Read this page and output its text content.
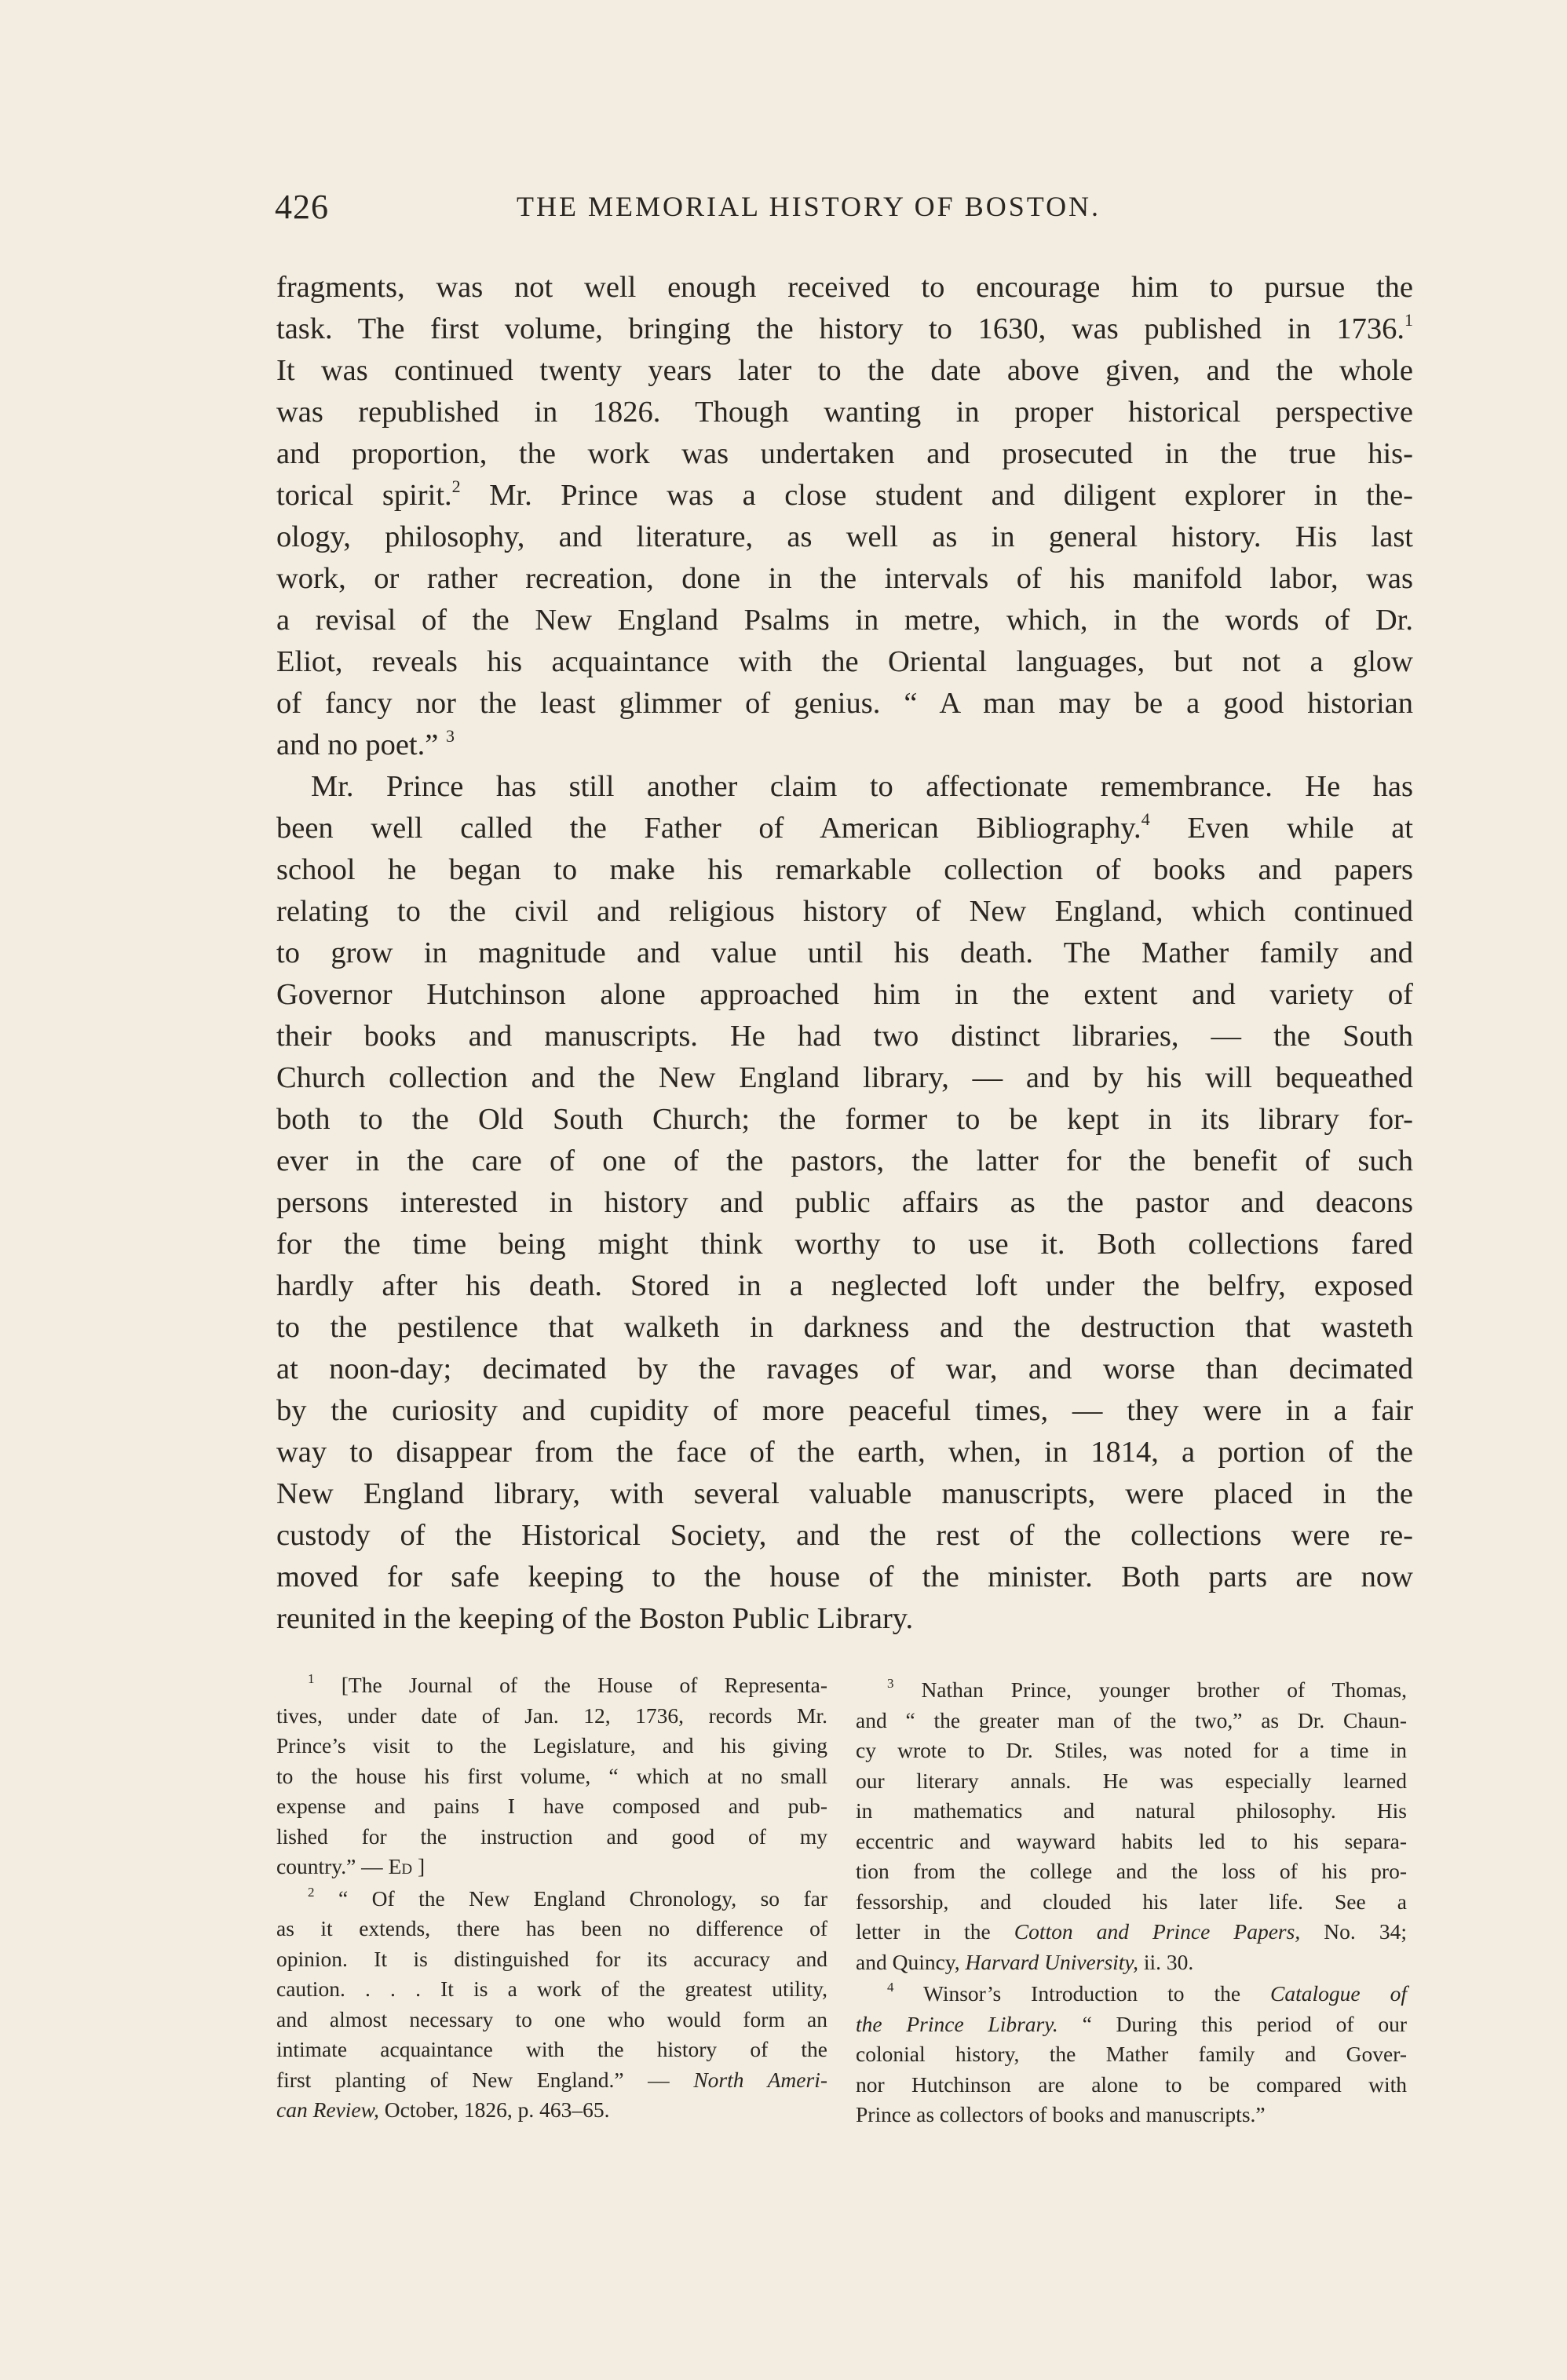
426	THE MEMORIAL HISTORY OF BOSTON.
fragments, was not well enough received to encourage him to pursue the
task. The first volume, bringing the history to 1630, was published in 1736.$^1$
It was continued twenty years later to the date above given, and the whole
was republished in 1826. Though wanting in proper historical perspective
and proportion, the work was undertaken and prosecuted in the true his-
torical spirit.$^2$ Mr. Prince was a close student and diligent explorer in the-
ology, philosophy, and literature, as well as in general history. His last
work, or rather recreation, done in the intervals of his manifold labor, was
a revisal of the New England Psalms in metre, which, in the words of Dr.
Eliot, reveals his acquaintance with the Oriental languages, but not a glow
of fancy nor the least glimmer of genius. “ A man may be a good historian
and no poet.” $^3$
Mr. Prince has still another claim to affectionate remembrance. He has
been well called the Father of American Bibliography.$^4$ Even while at
school he began to make his remarkable collection of books and papers
relating to the civil and religious history of New England, which continued
to grow in magnitude and value until his death. The Mather family and
Governor Hutchinson alone approached him in the extent and variety of
their books and manuscripts. He had two distinct libraries, — the South
Church collection and the New England library, — and by his will bequeathed
both to the Old South Church; the former to be kept in its library for-
ever in the care of one of the pastors, the latter for the benefit of such
persons interested in history and public affairs as the pastor and deacons
for the time being might think worthy to use it. Both collections fared
hardly after his death. Stored in a neglected loft under the belfry, exposed
to the pestilence that walketh in darkness and the destruction that wasteth
at noon-day; decimated by the ravages of war, and worse than decimated
by the curiosity and cupidity of more peaceful times, — they were in a fair
way to disappear from the face of the earth, when, in 1814, a portion of the
New England library, with several valuable manuscripts, were placed in the
custody of the Historical Society, and the rest of the collections were re-
moved for safe keeping to the house of the minister. Both parts are now
reunited in the keeping of the Boston Public Library.
$^1$ [The Journal of the House of Representa-
tives, under date of Jan. 12, 1736, records Mr.
Prince’s visit to the Legislature, and his giving
to the house his first volume, “ which at no small
expense and pains I have composed and pub-
lished for the instruction and good of my
country.” — Ed ]
$^2$ “ Of the New England Chronology, so far
as it extends, there has been no difference of
opinion. It is distinguished for its accuracy and
caution. . . . It is a work of the greatest utility,
and almost necessary to one who would form an
intimate acquaintance with the history of the
first planting of New England.” — North Ameri-
can Review, October, 1826, p. 463–65.
$^3$ Nathan Prince, younger brother of Thomas,
and “ the greater man of the two,” as Dr. Chaun-
cy wrote to Dr. Stiles, was noted for a time in
our literary annals. He was especially learned
in mathematics and natural philosophy. His
eccentric and wayward habits led to his separa-
tion from the college and the loss of his pro-
fessorship, and clouded his later life. See a
letter in the Cotton and Prince Papers, No. 34;
and Quincy, Harvard University, ii. 30.
$^4$ Winsor’s Introduction to the Catalogue of
the Prince Library. “ During this period of our
colonial history, the Mather family and Gover-
nor Hutchinson are alone to be compared with
Prince as collectors of books and manuscripts.”
